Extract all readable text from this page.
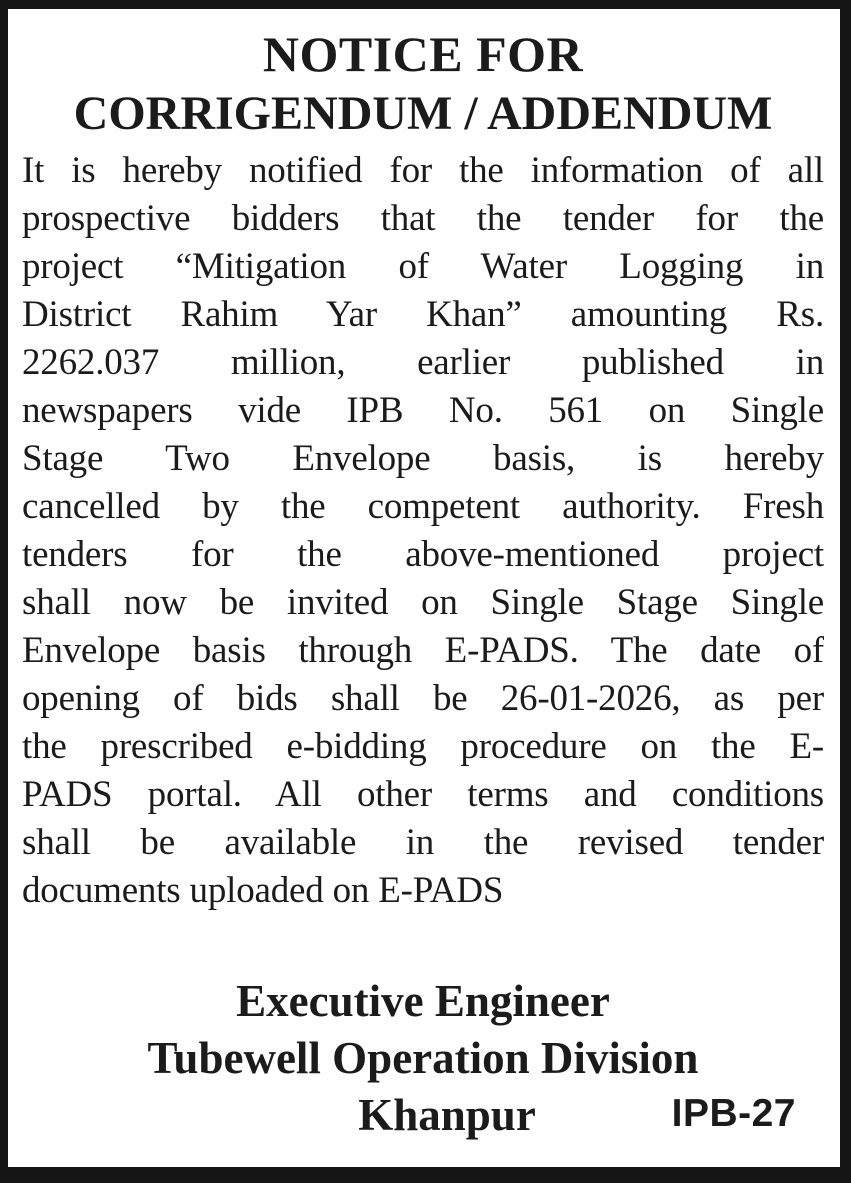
NOTICE FOR
CORRIGENDUM / ADDENDUM
It is hereby notified for the information of all
prospective bidders that the tender for the
project “Mitigation of Water Logging in
District Rahim Yar Khan” amounting Rs.
2262.037 million, earlier published in
newspapers vide IPB No. 561 on Single
Stage Two Envelope basis, is hereby
cancelled by the competent authority. Fresh
tenders for the above-mentioned project
shall now be invited on Single Stage Single
Envelope basis through E-PADS. The date of
opening of bids shall be 26-01-2026, as per
the prescribed e-bidding procedure on the E-
PADS portal. All other terms and conditions
shall be available in the revised tender
documents uploaded on E-PADS
Executive Engineer
Tubewell Operation Division
Khanpur	IPB-27
